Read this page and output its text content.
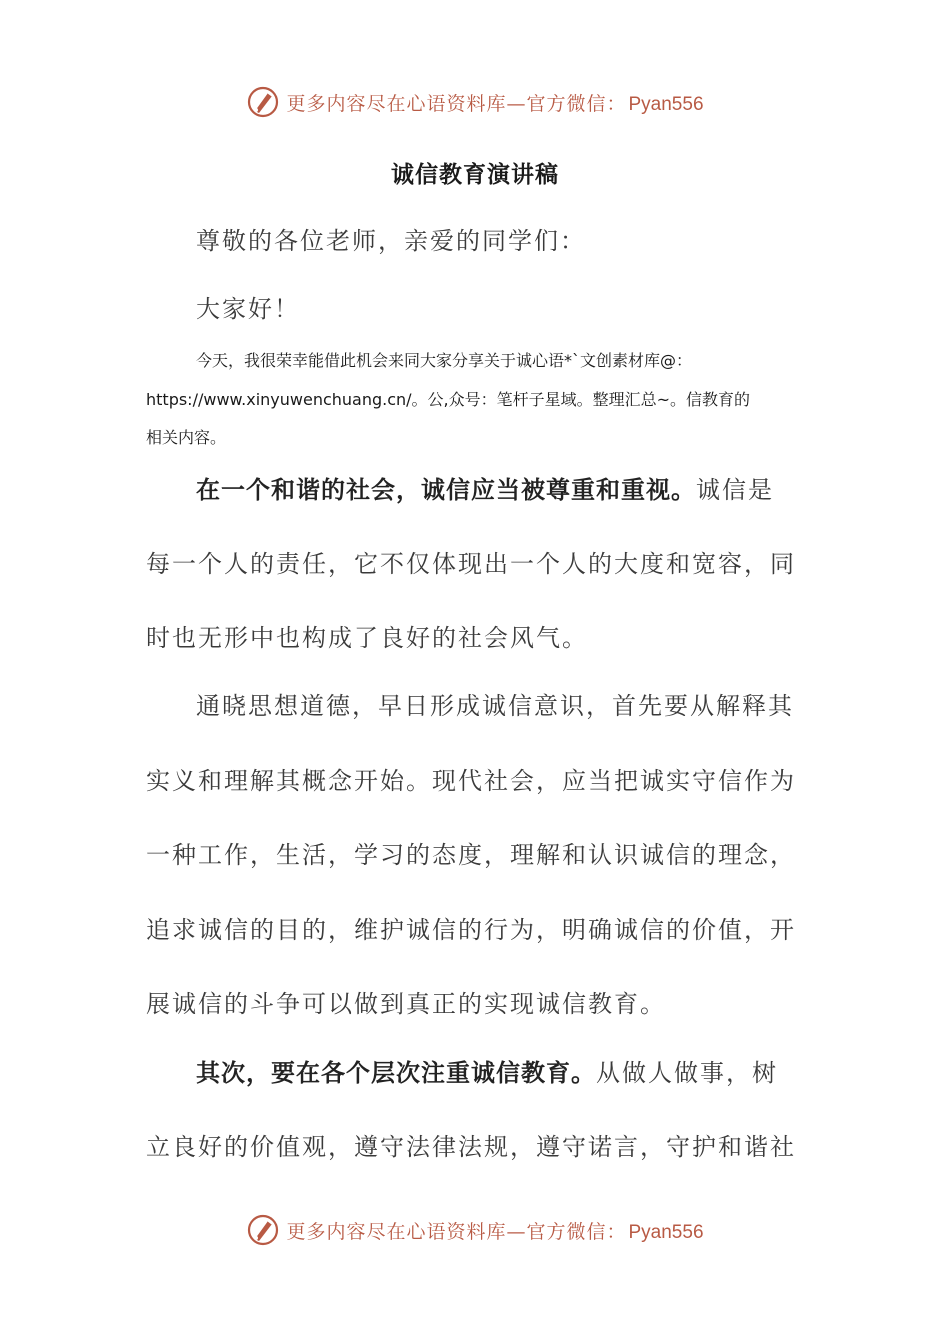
更多内容尽在心语资料库—官方微信： Pyan556
诚信教育演讲稿
尊敬的各位老师，亲爱的同学们：
大家好！
今天，我很荣幸能借此机会来同大家分享关于诚心语*`文创素材库@：
https://www.xinyuwenchuang.cn/。公,众号：笔杆子星域。整理汇总~。信教育的
相关内容。
在一个和谐的社会，诚信应当被尊重和重视。诚信是
每一个人的责任，它不仅体现出一个人的大度和宽容，同
时也无形中也构成了良好的社会风气。
通晓思想道德，早日形成诚信意识，首先要从解释其
实义和理解其概念开始。现代社会，应当把诚实守信作为
一种工作，生活，学习的态度，理解和认识诚信的理念，
追求诚信的目的，维护诚信的行为，明确诚信的价值，开
展诚信的斗争可以做到真正的实现诚信教育。
其次，要在各个层次注重诚信教育。从做人做事，树
立良好的价值观，遵守法律法规，遵守诺言，守护和谐社
更多内容尽在心语资料库—官方微信： Pyan556
